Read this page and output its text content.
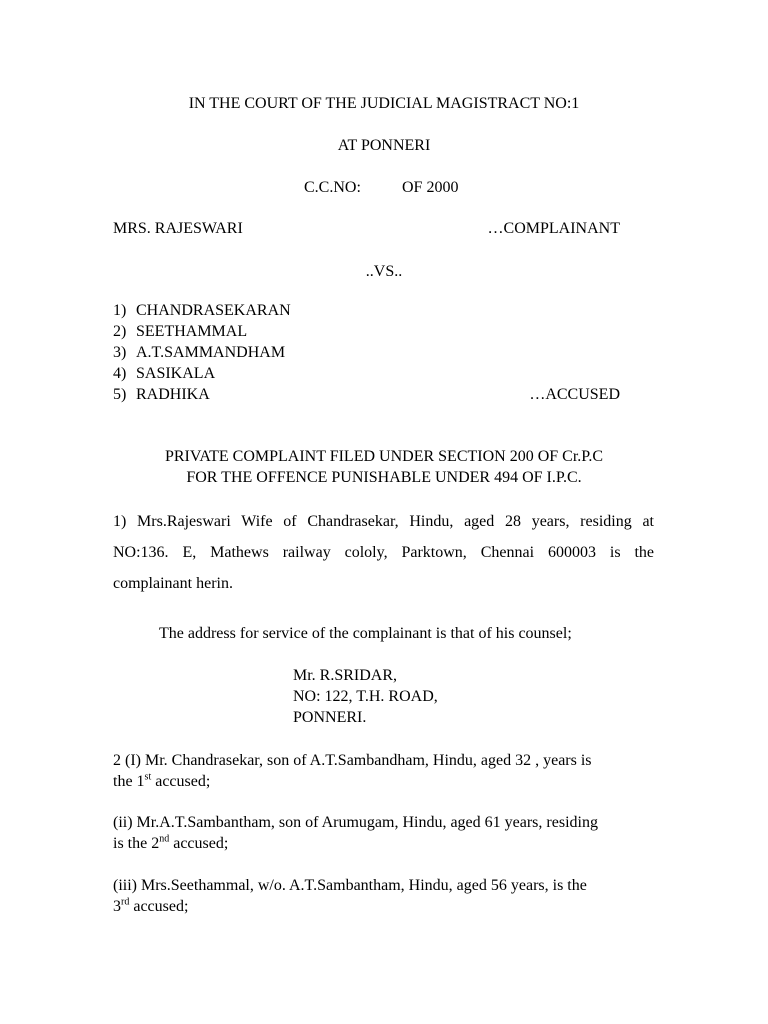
IN THE COURT OF THE JUDICIAL MAGISTRACT NO:1
AT PONNERI
C.C.NO:	OF 2000
MRS. RAJESWARI	…COMPLAINANT
..VS..
1) CHANDRASEKARAN
2) SEETHAMMAL
3) A.T.SAMMANDHAM
4) SASIKALA
5) RADHIKA	…ACCUSED
PRIVATE COMPLAINT FILED UNDER SECTION 200 OF Cr.P.C
FOR THE OFFENCE PUNISHABLE UNDER 494 OF I.P.C.
1) Mrs.Rajeswari Wife of Chandrasekar, Hindu, aged 28 years, residing at
NO:136. E, Mathews railway cololy, Parktown, Chennai 600003 is the
complainant herin.
The address for service of the complainant is that of his counsel;
Mr. R.SRIDAR,
NO: 122, T.H. ROAD,
PONNERI.
2 (I) Mr. Chandrasekar, son of A.T.Sambandham, Hindu, aged 32 , years is
the 1st accused;
(ii) Mr.A.T.Sambantham, son of Arumugam, Hindu, aged 61 years, residing
is the 2nd accused;
(iii) Mrs.Seethammal, w/o. A.T.Sambantham, Hindu, aged 56 years, is the
3rd accused;
